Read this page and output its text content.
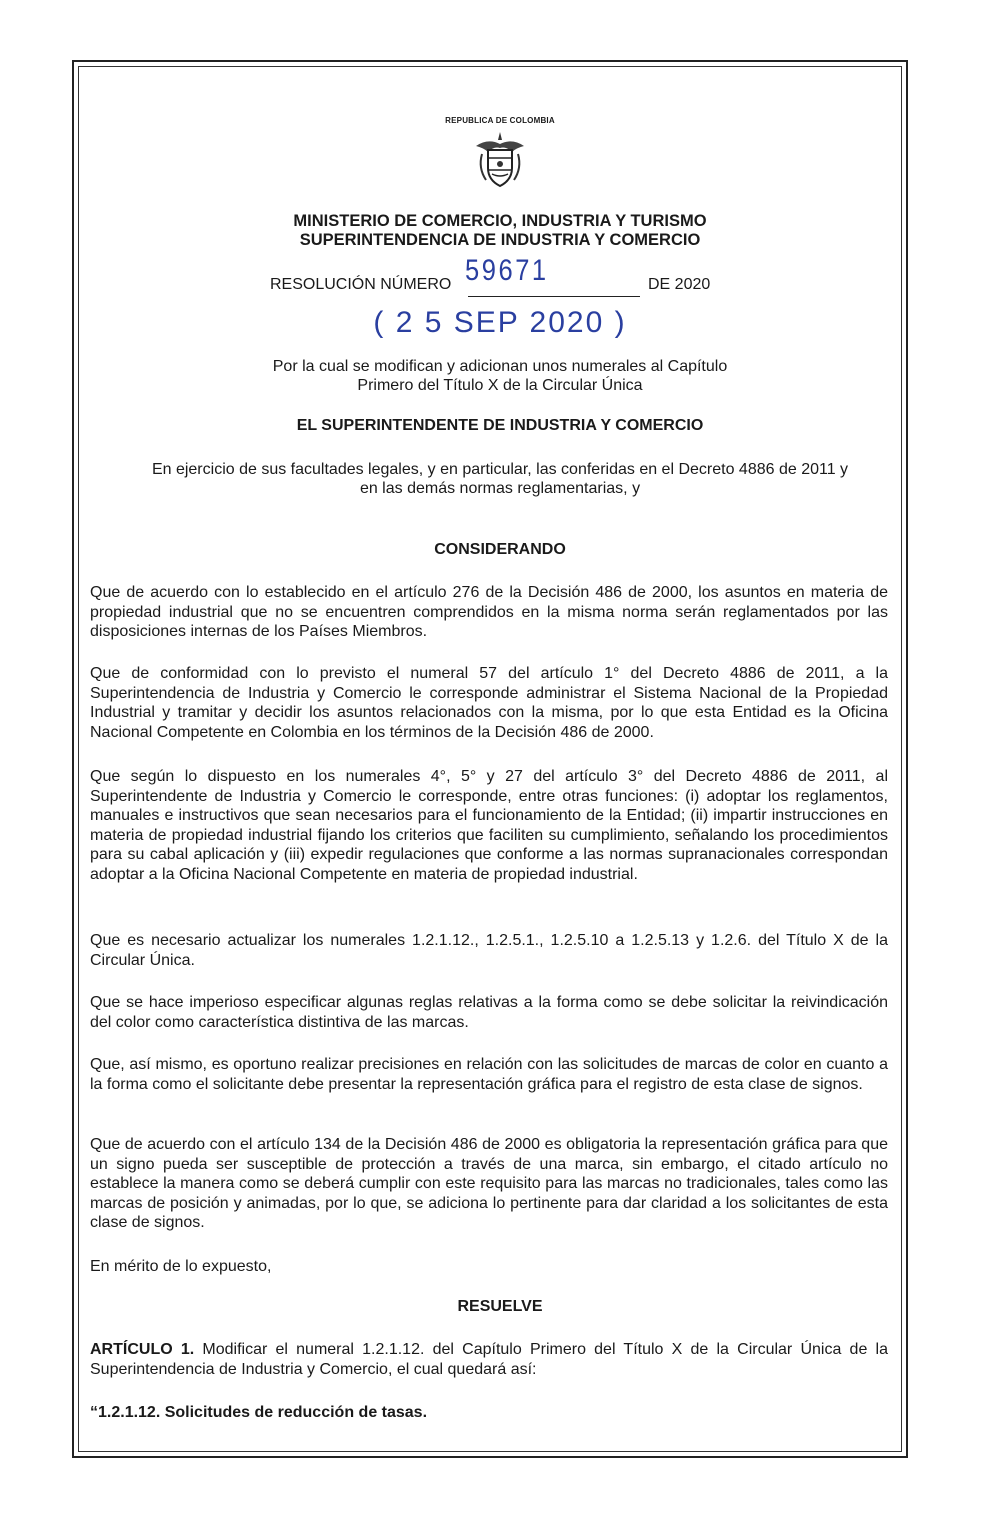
REPUBLICA DE COLOMBIA
MINISTERIO DE COMERCIO, INDUSTRIA Y TURISMO
SUPERINTENDENCIA DE INDUSTRIA Y COMERCIO
RESOLUCIÓN NÚMERO 59671	DE 2020
( 2 5 SEP 2020 )
Por la cual se modifican y adicionan unos numerales al Capítulo
Primero del Título X de la Circular Única
EL SUPERINTENDENTE DE INDUSTRIA Y COMERCIO
En ejercicio de sus facultades legales, y en particular, las conferidas en el Decreto 4886 de 2011 y
en las demás normas reglamentarias, y
CONSIDERANDO

Que de acuerdo con lo establecido en el artículo 276 de la Decisión 486 de 2000, los asuntos en materia de propiedad industrial que no se encuentren comprendidos en la misma norma serán reglamentados por las disposiciones internas de los Países Miembros.

Que de conformidad con lo previsto el numeral 57 del artículo 1° del Decreto 4886 de 2011, a la Superintendencia de Industria y Comercio le corresponde administrar el Sistema Nacional de la Propiedad Industrial y tramitar y decidir los asuntos relacionados con la misma, por lo que esta Entidad es la Oficina Nacional Competente en Colombia en los términos de la Decisión 486 de 2000.

Que según lo dispuesto en los numerales 4°, 5° y 27 del artículo 3° del Decreto 4886 de 2011, al Superintendente de Industria y Comercio le corresponde, entre otras funciones: (i) adoptar los reglamentos, manuales e instructivos que sean necesarios para el funcionamiento de la Entidad; (ii) impartir instrucciones en materia de propiedad industrial fijando los criterios que faciliten su cumplimiento, señalando los procedimientos para su cabal aplicación y (iii) expedir regulaciones que conforme a las normas supranacionales correspondan adoptar a la Oficina Nacional Competente en materia de propiedad industrial.

Que es necesario actualizar los numerales 1.2.1.12., 1.2.5.1., 1.2.5.10 a 1.2.5.13 y 1.2.6. del Título X de la Circular Única.

Que se hace imperioso especificar algunas reglas relativas a la forma como se debe solicitar la reivindicación del color como característica distintiva de las marcas.

Que, así mismo, es oportuno realizar precisiones en relación con las solicitudes de marcas de color en cuanto a la forma como el solicitante debe presentar la representación gráfica para el registro de esta clase de signos.

Que de acuerdo con el artículo 134 de la Decisión 486 de 2000 es obligatoria la representación gráfica para que un signo pueda ser susceptible de protección a través de una marca, sin embargo, el citado artículo no establece la manera como se deberá cumplir con este requisito para las marcas no tradicionales, tales como las marcas de posición y animadas, por lo que, se adiciona lo pertinente para dar claridad a los solicitantes de esta clase de signos.

En mérito de lo expuesto,

RESUELVE

ARTÍCULO 1. Modificar el numeral 1.2.1.12. del Capítulo Primero del Título X de la Circular Única de la Superintendencia de Industria y Comercio, el cual quedará así:

“1.2.1.12. Solicitudes de reducción de tasas.
